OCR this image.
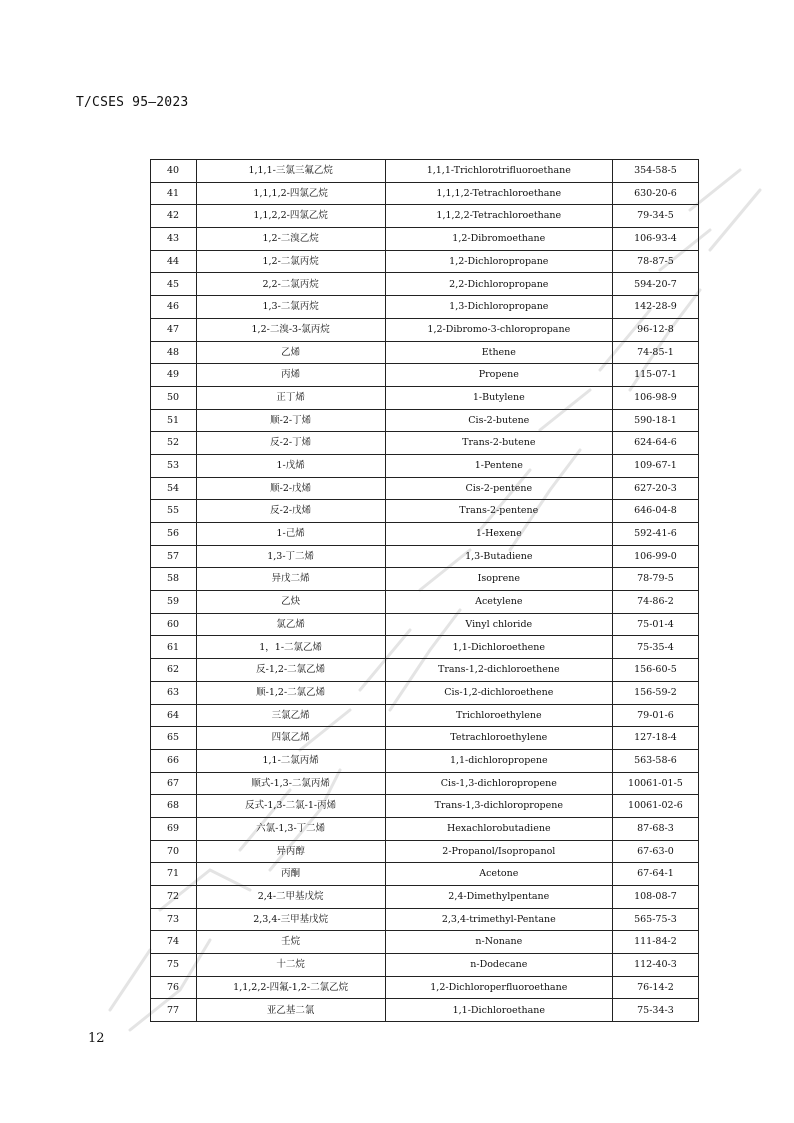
T/CSES 95—2023
	40	1,1,1-三氯三氟乙烷	1,1,1-Trichlorotrifluoroethane	354-58-5
	41	1,1,1,2-四氯乙烷	1,1,1,2-Tetrachloroethane	630-20-6
	42	1,1,2,2-四氯乙烷	1,1,2,2-Tetrachloroethane	79-34-5
	43	1,2-二溴乙烷	1,2-Dibromoethane	106-93-4
	44	1,2-二氯丙烷	1,2-Dichloropropane	78-87-5
	45	2,2-二氯丙烷	2,2-Dichloropropane	594-20-7
	46	1,3-二氯丙烷	1,3-Dichloropropane	142-28-9
	47	1,2-二溴-3-氯丙烷	1,2-Dibromo-3-chloropropane	96-12-8
	48	乙烯	Ethene	74-85-1
	49	丙烯	Propene	115-07-1
	50	正丁烯	1-Butylene	106-98-9
	51	顺-2-丁烯	Cis-2-butene	590-18-1
	52	反-2-丁烯	Trans-2-butene	624-64-6
	53	1-戊烯	1-Pentene	109-67-1
	54	顺-2-戊烯	Cis-2-pentene	627-20-3
	55	反-2-戊烯	Trans-2-pentene	646-04-8
	56	1-己烯	1-Hexene	592-41-6
	57	1,3-丁二烯	1,3-Butadiene	106-99-0
	58	异戊二烯	Isoprene	78-79-5
	59	乙炔	Acetylene	74-86-2
	60	氯乙烯	Vinyl chloride	75-01-4
	61	1，1-二氯乙烯	1,1-Dichloroethene	75-35-4
	62	反-1,2-二氯乙烯	Trans-1,2-dichloroethene	156-60-5
	63	顺-1,2-二氯乙烯	Cis-1,2-dichloroethene	156-59-2
	64	三氯乙烯	Trichloroethylene	79-01-6
	65	四氯乙烯	Tetrachloroethylene	127-18-4
	66	1,1-二氯丙烯	1,1-dichloropropene	563-58-6
	67	顺式-1,3-二氯丙烯	Cis-1,3-dichloropropene	10061-01-5
	68	反式-1,3-二氯-1-丙烯	Trans-1,3-dichloropropene	10061-02-6
	69	六氯-1,3-丁二烯	Hexachlorobutadiene	87-68-3
	70	异丙醇	2-Propanol/Isopropanol	67-63-0
	71	丙酮	Acetone	67-64-1
	72	2,4-二甲基戊烷	2,4-Dimethylpentane	108-08-7
	73	2,3,4-三甲基戊烷	2,3,4-trimethyl-Pentane	565-75-3
	74	壬烷	n-Nonane	111-84-2
	75	十二烷	n-Dodecane	112-40-3
	76	1,1,2,2-四氟-1,2-二氯乙烷	1,2-Dichloroperfluoroethane	76-14-2
	77	亚乙基二氯	1,1-Dichloroethane	75-34-3
12
